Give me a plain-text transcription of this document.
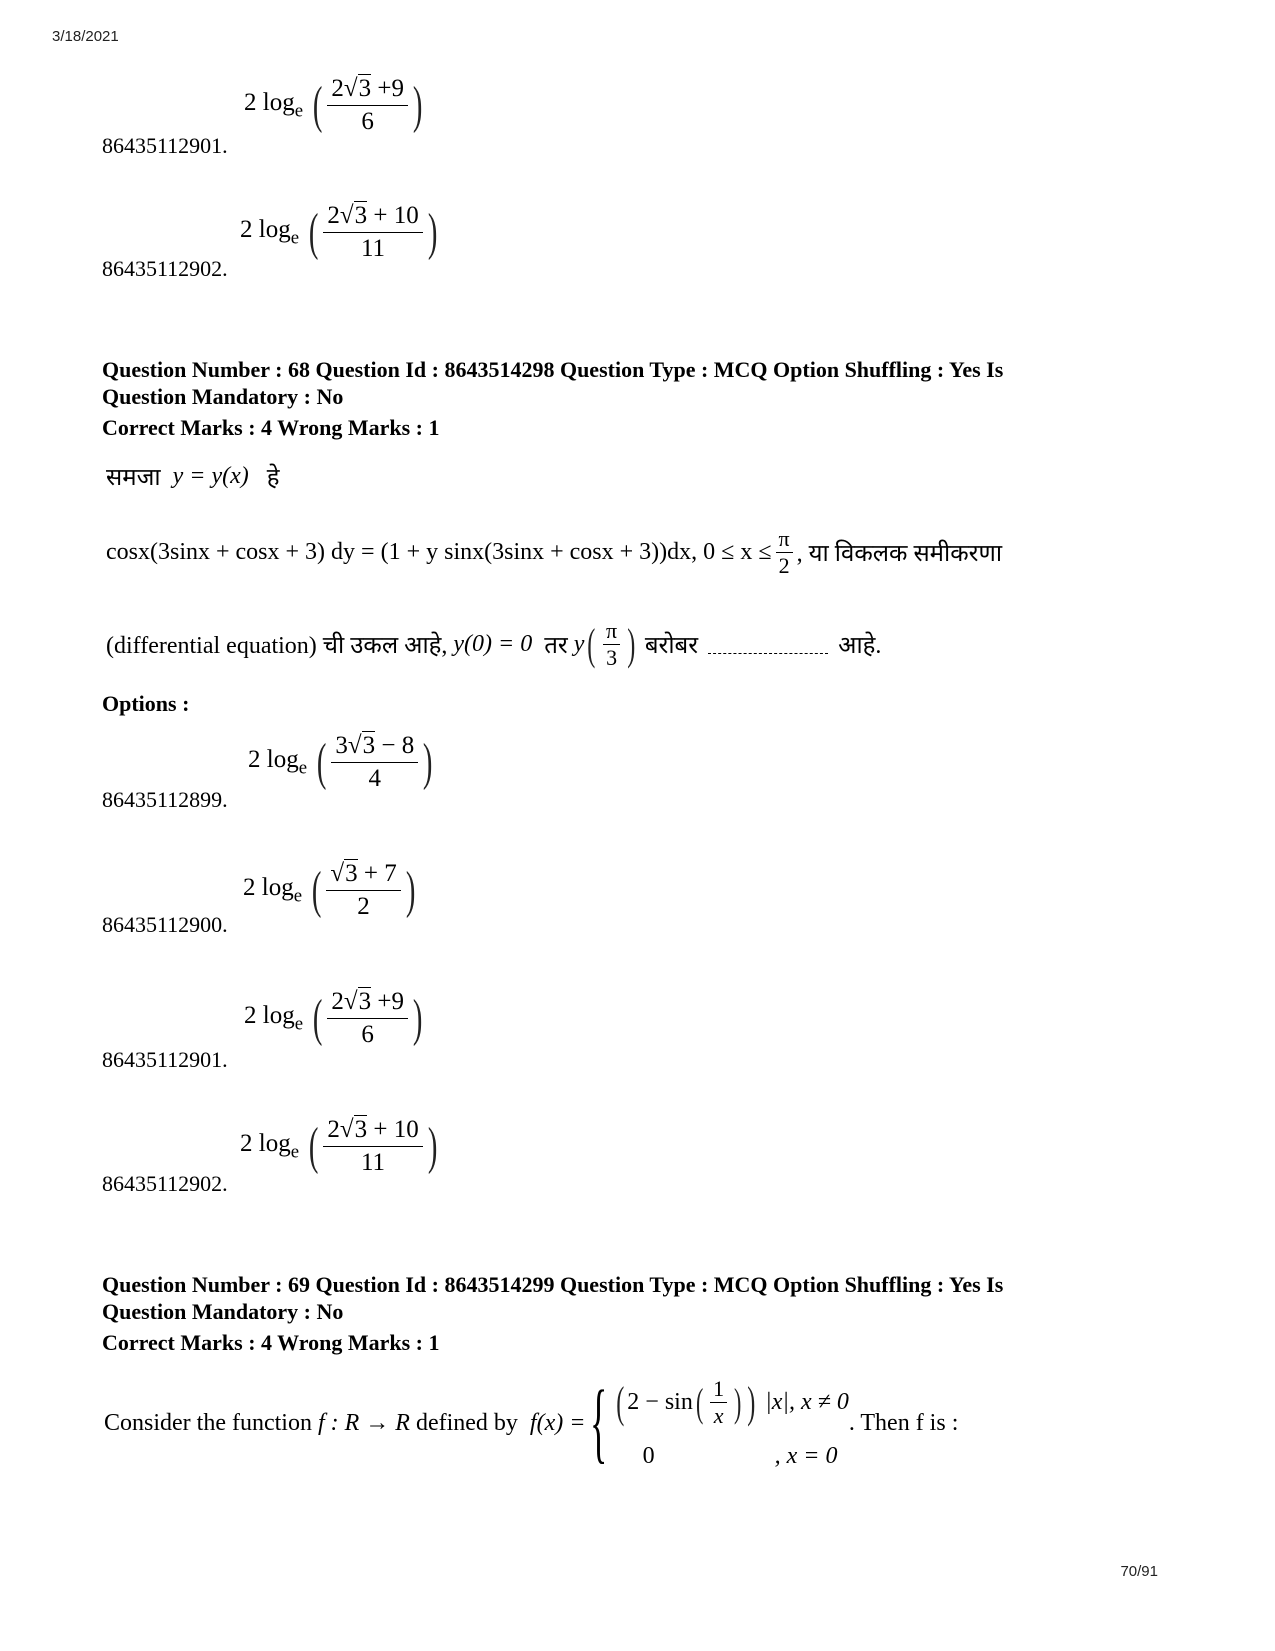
3/18/2021
2 $\log_e$ ( $\frac{2√3 +9}{6}$ )
86435112901.
2 $\log_e$ ( $\frac{2√3 + 10}{11}$ )
86435112902.
Question Number : 68 Question Id : 8643514298 Question Type : MCQ Option Shuffling : Yes Is
Question Mandatory : No
Correct Marks : 4 Wrong Marks : 1
समजा
y = y(x)
हे
cosx(3sinx + cosx + 3) dy = (1 + y sinx(3sinx + cosx + 3))dx, $0 \le x \le \frac{\pi}{2}$ , या विकलक समीकरणा
(differential equation) ची उकल आहे,
y(0) = 0
तर
y ( π
3 )
बरोबर	आहे.
Options :
2 $\log_e$ ( $\frac{3√3 - 8}{4}$ )
86435112899.
2 $\log_e$ ( $\frac{√3 + 7}{2}$ )
86435112900.
2 $\log_e$ ( $\frac{2√3 +9}{6}$ )
86435112901.
2 $\log_e$ ( $\frac{2√3 + 10}{11}$ )
86435112902.
Question Number : 69 Question Id : 8643514299 Question Type : MCQ Option Shuffling : Yes Is
Question Mandatory : No
Correct Marks : 4 Wrong Marks : 1
Consider the function
f : R → R
defined by
f(x) = { ( 2 − sin ( 1
x ) )
|x|, x ≠ 0
0	, x = 0
. Then f is :
70/91
